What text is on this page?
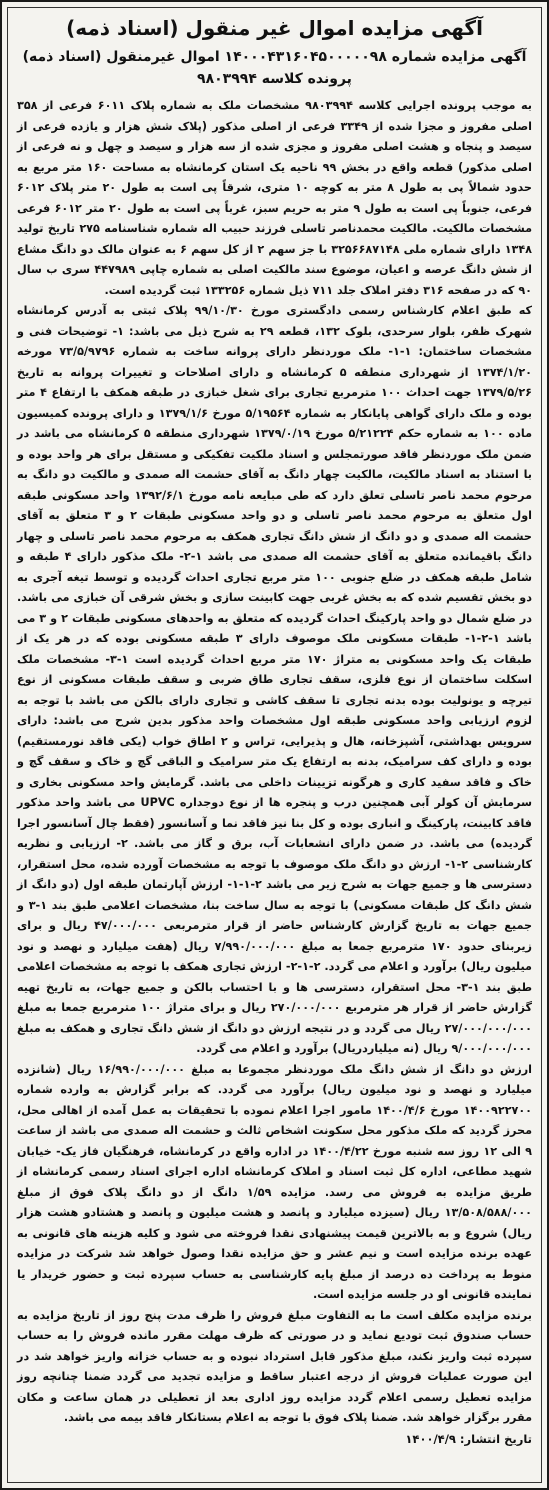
آگهی مزایده اموال غیر منقول (اسناد ذمه)

آگهی مزایده شماره ۱۴۰۰۰۴۳۱۶۰۴۵۰۰۰۰۰۹۸ اموال غیرمنقول (اسناد ذمه)

پرونده کلاسه ۹۸۰۳۹۹۴

به موجب پرونده اجرایی کلاسه ۹۸۰۳۹۹۴ مشخصات ملک به شماره پلاک ۶۰۱۱ فرعی از ۳۵۸ اصلی مفروز و مجزا شده از ۳۳۴۹ فرعی از اصلی مذکور (پلاک شش هزار و یازده فرعی از سیصد و پنجاه و هشت اصلی مفروز و مجزی شده از سه هزار و سیصد و چهل و نه فرعی از اصلی مذکور) قطعه واقع در بخش ۹۹ ناحیه یک استان کرمانشاه به مساحت ۱۶۰ متر مربع به حدود شمالاً پی به طول ۸ متر به کوچه ۱۰ متری، شرقاً پی است به طول ۲۰ متر پلاک ۶۰۱۲ فرعی، جنوباً پی است به طول ۹ متر به حریم سبز، غرباً پی است به طول ۲۰ متر ۶۰۱۲ فرعی مشخصات مالکیت. مالکیت محمدناصر تاسلی فرزند حبیب اله شماره شناسنامه ۲۷۵ تاریخ تولید ۱۳۴۸ دارای شماره ملی ۳۲۵۶۶۸۷۱۴۸ با جز سهم ۲ از کل سهم ۶ به عنوان مالک دو دانگ مشاع از شش دانگ عرصه و اعیان، موضوع سند مالکیت اصلی به شماره چاپی ۴۴۷۹۸۹ سری ب سال ۹۰ که در صفحه ۳۱۶ دفتر املاک جلد ۷۱۱ ذیل شماره ۱۳۳۲۵۶ ثبت گردیده است.

که طبق اعلام کارشناس رسمی دادگستری مورخ ۹۹/۱۰/۳۰ پلاک ثبتی به آدرس کرمانشاه شهرک ظفر، بلوار سرحدی، بلوک ۱۳۲، قطعه ۲۹ به شرح ذیل می باشد: ۱- توضیحات فنی و مشخصات ساختمان: ۱-۱- ملک موردنظر دارای پروانه ساخت به شماره ۷۳/۵/۹۷۹۶ مورخه ۱۳۷۴/۱/۲۰ از شهرداری منطقه ۵ کرمانشاه و دارای اصلاحات و تغییرات پروانه به تاریخ ۱۳۷۹/۵/۲۶ جهت احداث ۱۰۰ مترمربع تجاری برای شغل خبازی در طبقه همکف با ارتفاع ۴ متر بوده و ملک دارای گواهی پایانکار به شماره ۵/۱۹۵۶۴ مورخ ۱۳۷۹/۱/۶ و دارای پرونده کمیسیون ماده ۱۰۰ به شماره حکم ۵/۲۱۲۲۴ مورخ ۱۳۷۹/۰/۱۹ شهرداری منطقه ۵ کرمانشاه می باشد در ضمن ملک موردنظر فاقد صورتمجلس و اسناد ملکیت تفکیکی و مستقل برای هر واحد بوده و با استناد به اسناد مالکیت، مالکیت چهار دانگ به آقای حشمت اله صمدی و مالکیت دو دانگ به مرحوم محمد ناصر تاسلی تعلق دارد که طی مبایعه نامه مورخ ۱۳۹۲/۶/۱ واحد مسکونی طبقه اول متعلق به مرحوم محمد ناصر تاسلی و دو واحد مسکونی طبقات ۲ و ۳ متعلق به آقای حشمت اله صمدی و دو دانگ از شش دانگ تجاری همکف به مرحوم محمد ناصر تاسلی و چهار دانگ باقیمانده متعلق به آقای حشمت اله صمدی می باشد ۱-۲- ملک مذکور دارای ۴ طبقه و شامل طبقه همکف در ضلع جنوبی ۱۰۰ متر مربع تجاری احداث گردیده و توسط تیغه آجری به دو بخش تقسیم شده که به بخش غربی جهت کابینت سازی و بخش شرقی آن خبازی می باشد. در ضلع شمال دو واحد پارکینگ احداث گردیده که متعلق به واحدهای مسکونی طبقات ۲ و ۳ می باشد ۱-۲-۱- طبقات مسکونی ملک موصوف دارای ۳ طبقه مسکونی بوده که در هر یک از طبقات یک واحد مسکونی به متراژ ۱۷۰ متر مربع احداث گردیده است ۱-۳- مشخصات ملک اسکلت ساختمان از نوع فلزی، سقف تجاری طاق ضربی و سقف طبقات مسکونی از نوع تیرچه و یونولیت بوده بدنه تجاری تا سقف کاشی و تجاری دارای بالکن می باشد با توجه به لزوم ارزیابی واحد مسکونی طبقه اول مشخصات واحد مذکور بدین شرح می باشد: دارای سرویس بهداشتی، آشپزخانه، هال و پذیرایی، تراس و ۲ اطاق خواب (یکی فاقد نورمستقیم) بوده و دارای کف سرامیک، بدنه به ارتفاع یک متر سرامیک و الباقی گچ و خاک و سقف گچ و خاک و فاقد سفید کاری و هرگونه تزیینات داخلی می باشد. گرمایش واحد مسکونی بخاری و سرمایش آن کولر آبی همچنین درب و پنجره ها از نوع دوجداره UPVC می باشد واحد مذکور فاقد کابینت، پارکینگ و انباری بوده و کل بنا نیز فاقد نما و آسانسور (فقط چال آسانسور اجرا گردیده) می باشد. در ضمن دارای انشعابات آب، برق و گاز می باشد. ۲- ارزیابی و نظریه کارشناسی ۲-۱- ارزش دو دانگ ملک موصوف با توجه به مشخصات آورده شده، محل استقرار، دسترسی ها و جمیع جهات به شرح زیر می باشد ۲-۱-۱- ارزش آپارتمان طبقه اول (دو دانگ از شش دانگ کل طبقات مسکونی) با توجه به سال ساخت بنا، مشخصات اعلامی طبق بند ۱-۳ و جمیع جهات به تاریخ گزارش کارشناس حاضر از قرار مترمربعی ۴۷/۰۰۰/۰۰۰ ریال و برای زیربنای حدود ۱۷۰ مترمربع جمعا به مبلغ ۷/۹۹۰/۰۰۰/۰۰۰ ریال (هفت میلیارد و نهصد و نود میلیون ریال) برآورد و اعلام می گردد. ۲-۱-۲- ارزش تجاری همکف با توجه به مشخصات اعلامی طبق بند ۱-۳- محل استقرار، دسترسی ها و با احتساب بالکن و جمیع جهات، به تاریخ تهیه گزارش حاضر از قرار هر مترمربع ۲۷۰/۰۰۰/۰۰۰ ریال و برای متراژ ۱۰۰ مترمربع جمعا به مبلغ ۲۷/۰۰۰/۰۰۰/۰۰۰ ریال می گردد و در نتیجه ارزش دو دانگ از شش دانگ تجاری و همکف به مبلغ ۹/۰۰۰/۰۰۰/۰۰۰ ریال (نه میلیاردریال) برآورد و اعلام می گردد.

ارزش دو دانگ از شش دانگ ملک موردنظر مجموعا به مبلغ ۱۶/۹۹۰/۰۰۰/۰۰۰ ریال (شانزده میلیارد و نهصد و نود میلیون ریال) برآورد می گردد. که برابر گزارش به وارده شماره ۱۴۰۰۹۲۲۷۰۰ مورخ ۱۴۰۰/۴/۶ مامور اجرا اعلام نموده با تحقیقات به عمل آمده از اهالی محل، محرز گردید که ملک مذکور محل سکونت اشخاص ثالث و حشمت اله صمدی می باشد از ساعت ۹ الی ۱۲ روز سه شنبه مورخ ۱۴۰۰/۴/۲۲ در اداره واقع در کرمانشاه، فرهنگیان فاز یک- خیابان شهید مطاعی، اداره کل ثبت اسناد و املاک کرمانشاه اداره اجرای اسناد رسمی کرمانشاه از طریق مزایده به فروش می رسد. مزایده ۱/۵۹ دانگ از دو دانگ پلاک فوق از مبلغ ۱۳/۵۰۸/۵۸۸/۰۰۰ ریال (سیزده میلیارد و پانصد و هشت میلیون و پانصد و هشتادو هشت هزار ریال) شروع و به بالاترین قیمت پیشنهادی نقدا فروخته می شود و کلیه هزینه های قانونی به عهده برنده مزایده است و نیم عشر و حق مزایده نقدا وصول خواهد شد شرکت در مزایده منوط به پرداخت ده درصد از مبلغ پایه کارشناسی به حساب سپرده ثبت و حضور خریدار یا نماینده قانونی او در جلسه مزایده است.

برنده مزایده مکلف است ما به التفاوت مبلغ فروش را ظرف مدت پنج روز از تاریخ مزایده به حساب صندوق ثبت تودیع نماید و در صورتی که ظرف مهلت مقرر مانده فروش را به حساب سپرده ثبت واریز نکند، مبلغ مذکور قابل استرداد نبوده و به حساب خزانه واریز خواهد شد در این صورت عملیات فروش از درجه اعتبار ساقط و مزایده تجدید می گردد ضمنا چنانچه روز مزایده تعطیل رسمی اعلام گردد مزایده روز اداری بعد از تعطیلی در همان ساعت و مکان مقرر برگزار خواهد شد. ضمنا پلاک فوق با توجه به اعلام بستانکار فاقد بیمه می باشد.

تاریخ انتشار: ۱۴۰۰/۴/۹
